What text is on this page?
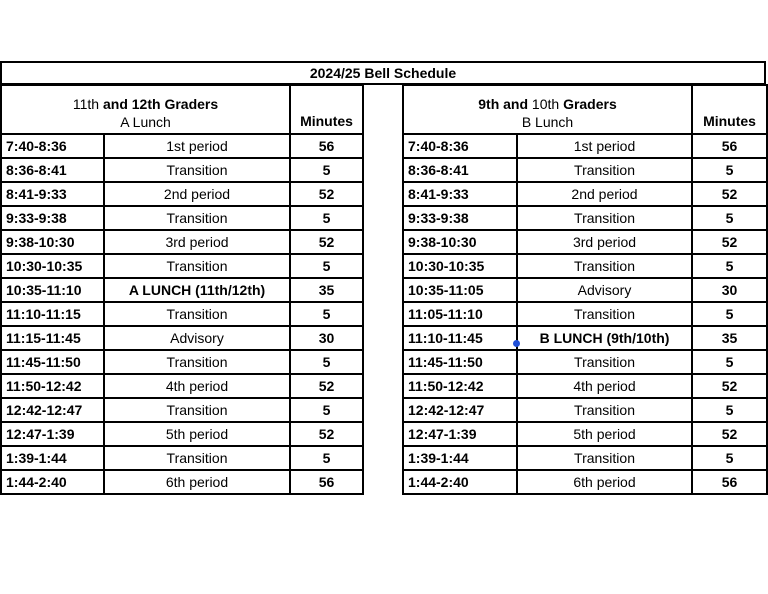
2024/25 Bell Schedule
11th and 12th Graders
A Lunch		Minutes
7:40-8:36	1st period	56
8:36-8:41	Transition	5
8:41-9:33	2nd period	52
9:33-9:38	Transition	5
9:38-10:30	3rd period	52
10:30-10:35	Transition	5
10:35-11:10	A LUNCH (11th/12th)	35
11:10-11:15	Transition	5
11:15-11:45	Advisory	30
11:45-11:50	Transition	5
11:50-12:42	4th period	52
12:42-12:47	Transition	5
12:47-1:39	5th period	52
1:39-1:44	Transition	5
1:44-2:40	6th period	56
9th and 10th Graders
B Lunch		Minutes
7:40-8:36	1st period	56
8:36-8:41	Transition	5
8:41-9:33	2nd period	52
9:33-9:38	Transition	5
9:38-10:30	3rd period	52
10:30-10:35	Transition	5
10:35-11:05	Advisory	30
11:05-11:10	Transition	5
11:10-11:45	B LUNCH (9th/10th)	35
11:45-11:50	Transition	5
11:50-12:42	4th period	52
12:42-12:47	Transition	5
12:47-1:39	5th period	52
1:39-1:44	Transition	5
1:44-2:40	6th period	56
